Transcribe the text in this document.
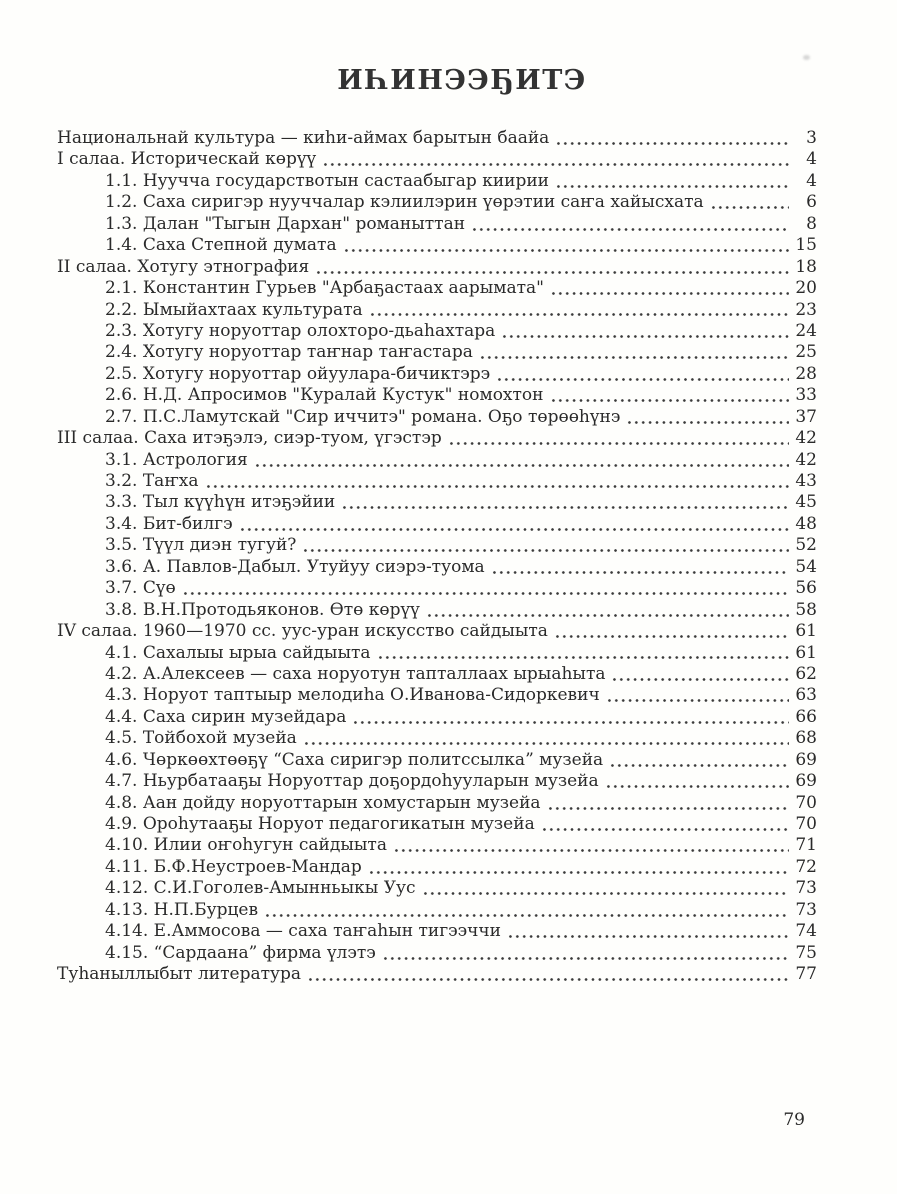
ИҺИНЭЭҔИТЭ
Национальнай культура — киһи-аймах барытын баайа	3
I салаа. Историческай көрүү	4
1.1. Нуучча государствотын састаабыгар киирии	4
1.2. Саха сиригэр нууччалар кэлиилэрин үөрэтии саҥа хайысхата	6
1.3. Далан "Тыгын Дархан" романыттан	8
1.4. Саха Степной думата	15
II салаа. Хотугу этнография	18
2.1. Константин Гурьев "Арбаҕастаах аарымата"	20
2.2. Ымыйахтаах культурата	23
2.3. Хотугу норуоттар олохторо-дьаһахтара	24
2.4. Хотугу норуоттар таҥнар таҥастара	25
2.5. Хотугу норуоттар ойуулара-бичиктэрэ	28
2.6. Н.Д. Апросимов "Куралай Кустук" номохтон	33
2.7. П.С.Ламутскай "Сир иччитэ" романа. Оҕо төрөөһүнэ	37
III салаа. Саха итэҕэлэ, сиэр-туом, үгэстэр	42
3.1. Астрология	42
3.2. Таҥха	43
3.3. Тыл күүһүн итэҕэйии	45
3.4. Бит-билгэ	48
3.5. Түүл диэн тугуй?	52
3.6. А. Павлов-Дабыл. Утуйуу сиэрэ-туома	54
3.7. Сүө	56
3.8. В.Н.Протодьяконов. Өтө көрүү	58
IV салаа. 1960—1970 сс. уус-уран искусство сайдыыта	61
4.1. Сахалыы ырыа сайдыыта	61
4.2. А.Алексеев — саха норуотун тапталлаах ырыаһыта	62
4.3. Норуот таптыыр мелодиһа О.Иванова-Сидоркевич	63
4.4. Саха сирин музейдара	66
4.5. Тойбохой музейа	68
4.6. Чөркөөхтөөҕү “Саха сиригэр политссылка” музейа	69
4.7. Ньурбатааҕы Норуоттар доҕордоһууларын музейа	69
4.8. Аан дойду норуоттарын хомустарын музейа	70
4.9. Ороһутааҕы Норуот педагогикатын музейа	70
4.10. Илии оҥоһугун сайдыыта	71
4.11. Б.Ф.Неустроев-Мандар	72
4.12. С.И.Гоголев-Амынньыкы Уус	73
4.13. Н.П.Бурцев	73
4.14. Е.Аммосова — саха таҥаһын тигээччи	74
4.15. “Сардаана” фирма үлэтэ	75
Туһаныллыбыт литература	77
79
